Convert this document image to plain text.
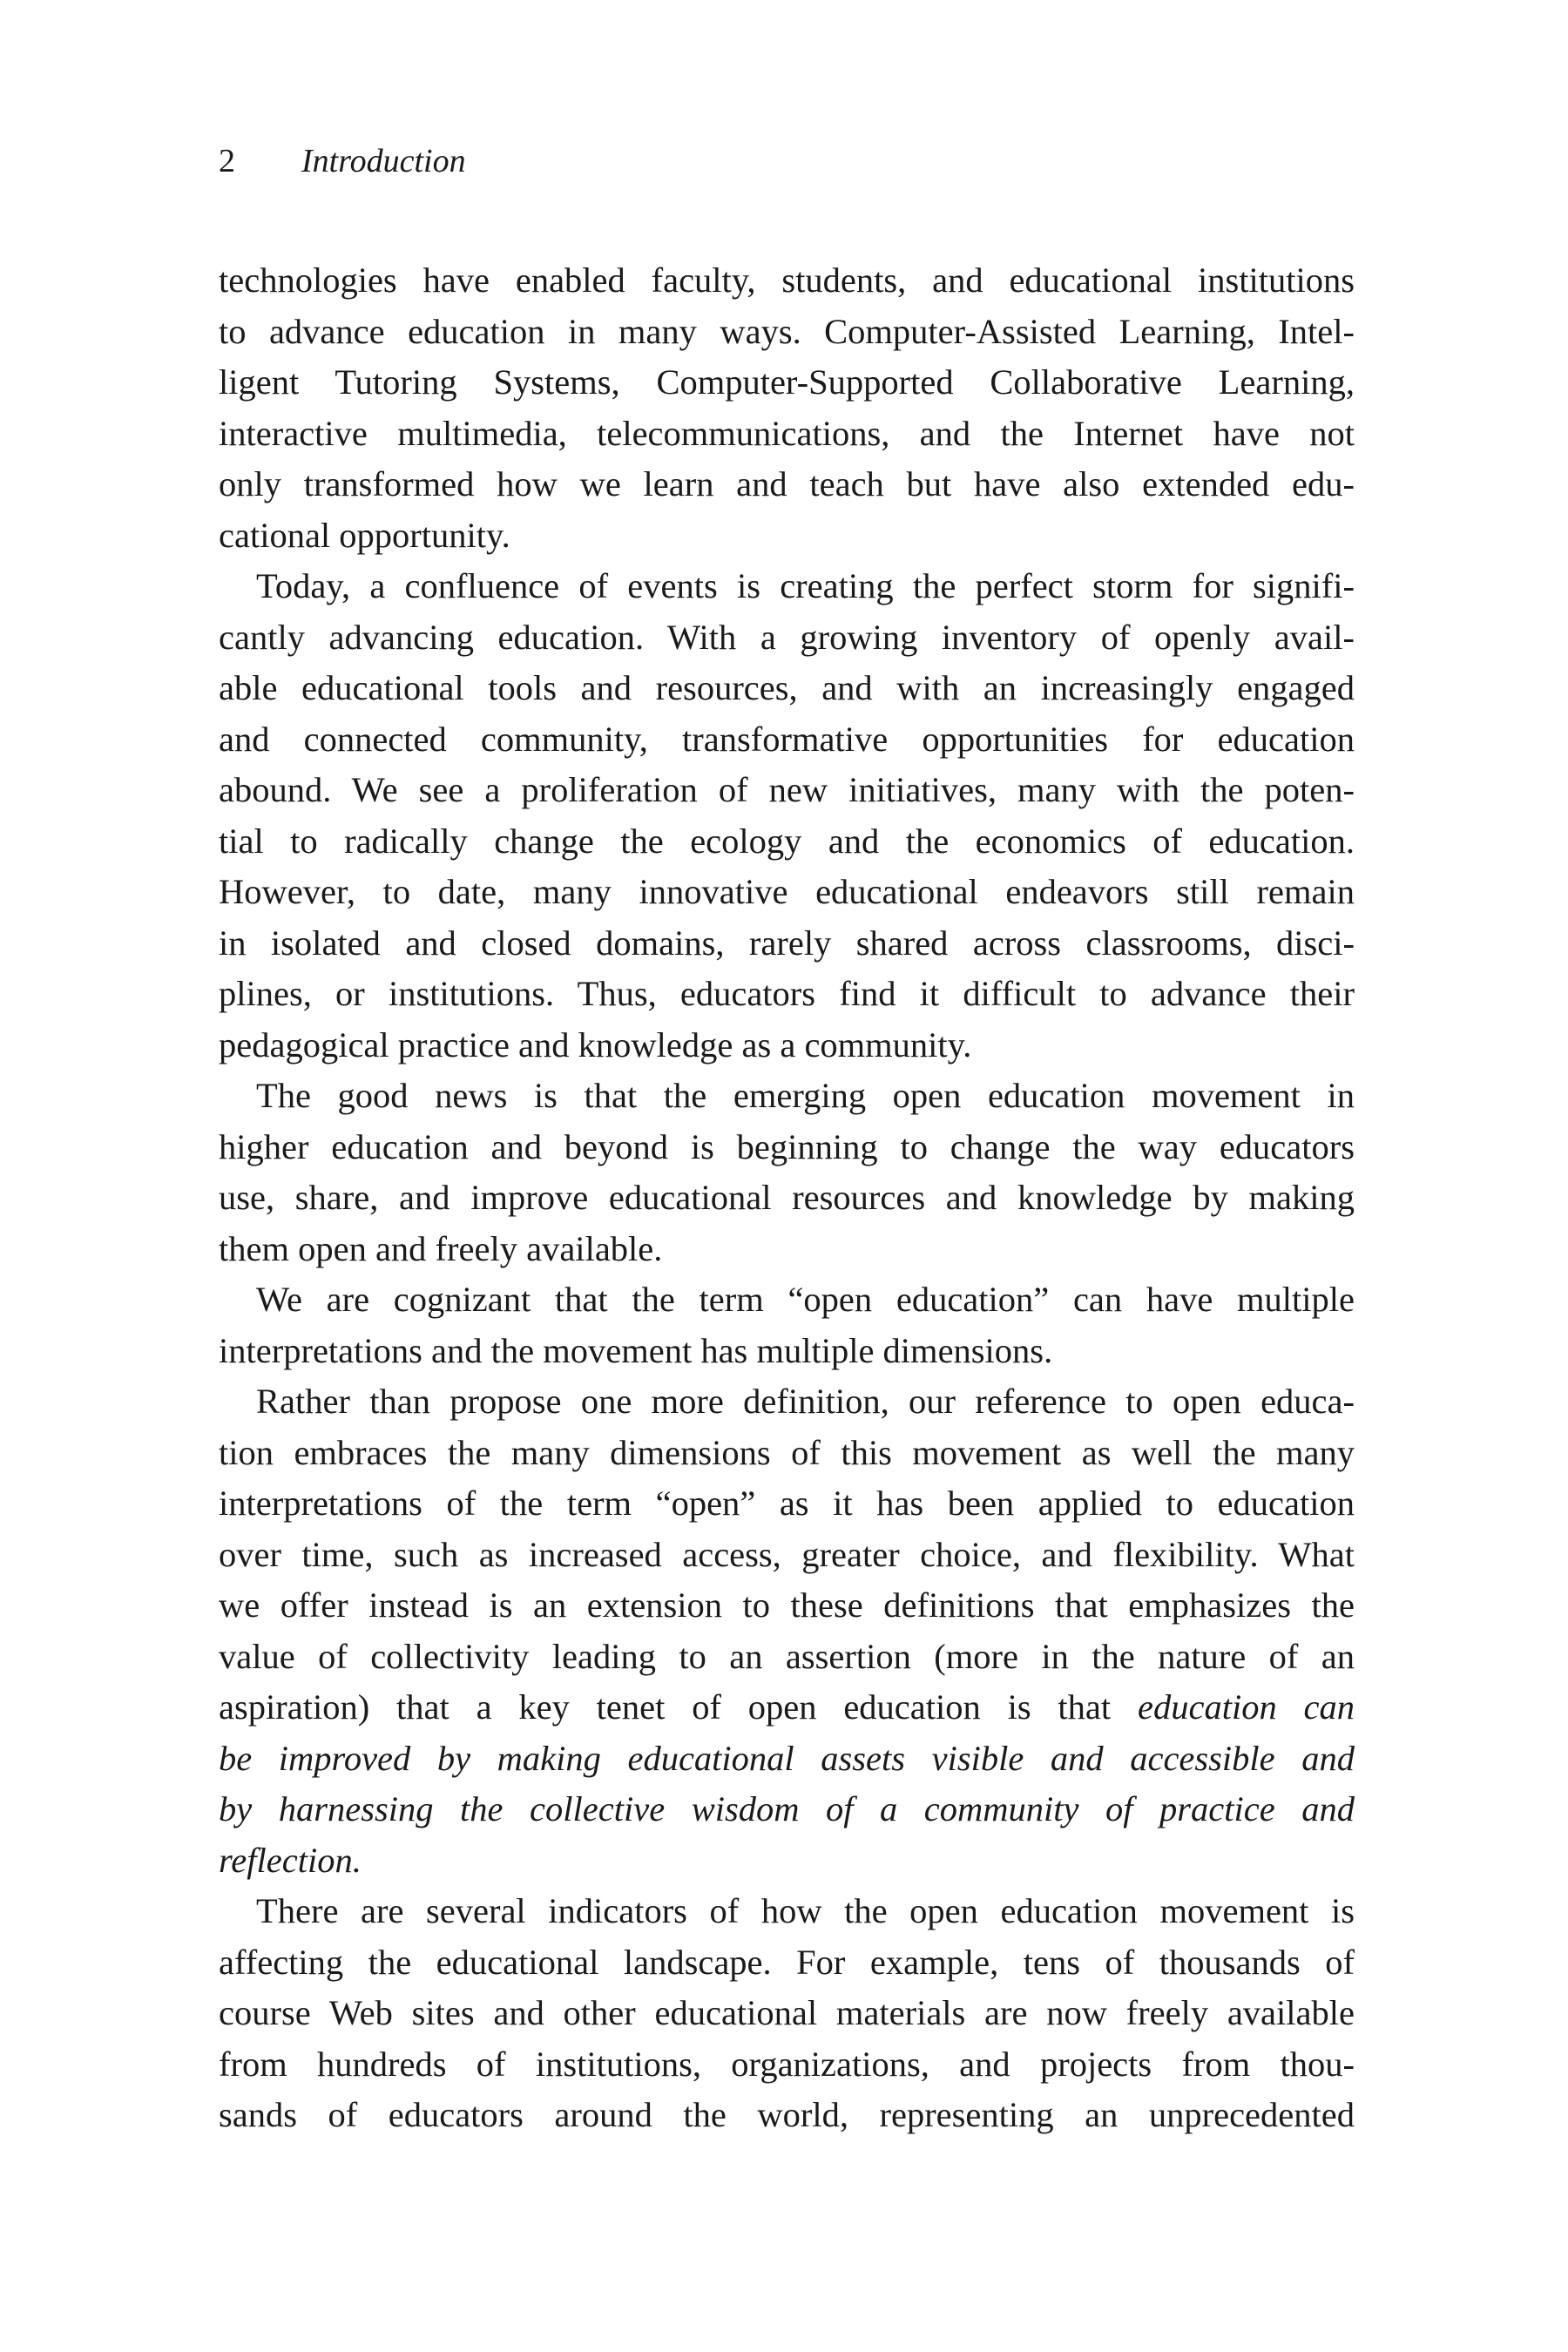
2 Introduction
technologies have enabled faculty, students, and educational institutions
to advance education in many ways. Computer-Assisted Learning, Intel-
ligent Tutoring Systems, Computer-Supported Collaborative Learning,
interactive multimedia, telecommunications, and the Internet have not
only transformed how we learn and teach but have also extended edu-
cational opportunity.
Today, a confluence of events is creating the perfect storm for signifi-
cantly advancing education. With a growing inventory of openly avail-
able educational tools and resources, and with an increasingly engaged
and connected community, transformative opportunities for education
abound. We see a proliferation of new initiatives, many with the poten-
tial to radically change the ecology and the economics of education.
However, to date, many innovative educational endeavors still remain
in isolated and closed domains, rarely shared across classrooms, disci-
plines, or institutions. Thus, educators find it difficult to advance their
pedagogical practice and knowledge as a community.
The good news is that the emerging open education movement in
higher education and beyond is beginning to change the way educators
use, share, and improve educational resources and knowledge by making
them open and freely available.
We are cognizant that the term “open education” can have multiple
interpretations and the movement has multiple dimensions.
Rather than propose one more definition, our reference to open educa-
tion embraces the many dimensions of this movement as well the many
interpretations of the term “open” as it has been applied to education
over time, such as increased access, greater choice, and flexibility. What
we offer instead is an extension to these definitions that emphasizes the
value of collectivity leading to an assertion (more in the nature of an
aspiration) that a key tenet of open education is that education can
be improved by making educational assets visible and accessible and
by harnessing the collective wisdom of a community of practice and
reflection.
There are several indicators of how the open education movement is
affecting the educational landscape. For example, tens of thousands of
course Web sites and other educational materials are now freely available
from hundreds of institutions, organizations, and projects from thou-
sands of educators around the world, representing an unprecedented
